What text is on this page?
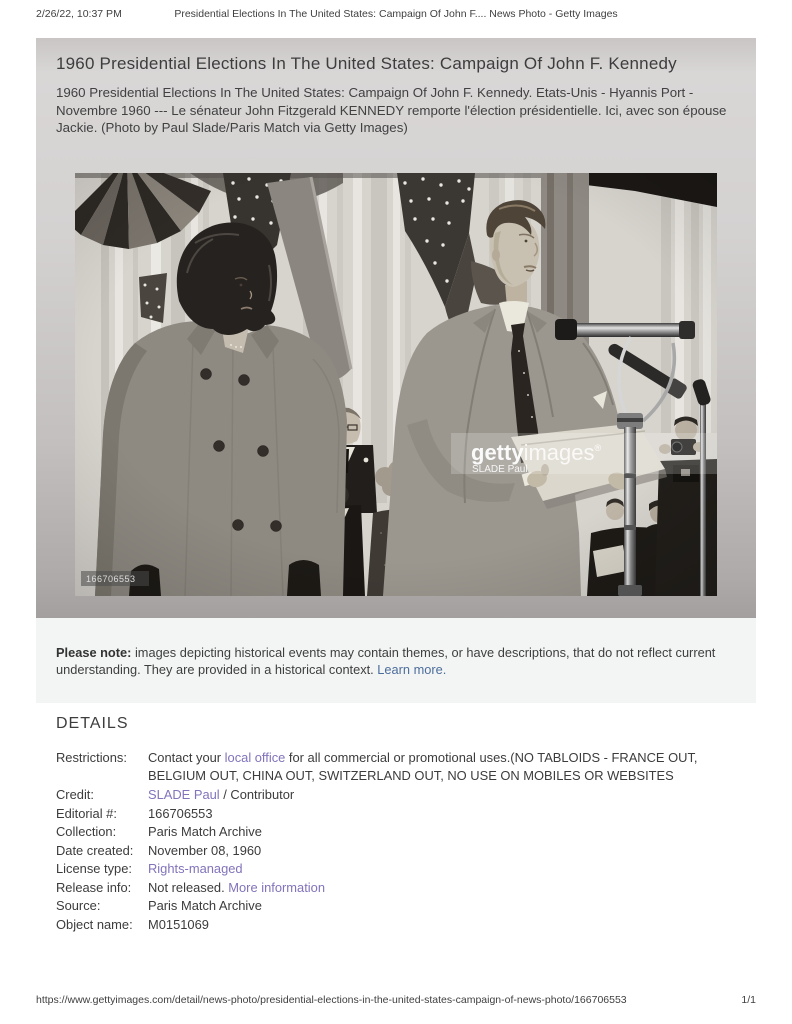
2/26/22, 10:37 PM	Presidential Elections In The United States: Campaign Of John F.... News Photo - Getty Images
1960 Presidential Elections In The United States: Campaign Of John F. Kennedy

1960 Presidential Elections In The United States: Campaign Of John F. Kennedy. Etats-Unis - Hyannis Port - Novembre 1960 --- Le sénateur John Fitzgerald KENNEDY remporte l'élection présidentielle. Ici, avec son épouse Jackie. (Photo by Paul Slade/Paris Match via Getty Images)

gettyimages®
SLADE Paul
166706553

Please note: images depicting historical events may contain themes, or have descriptions, that do not reflect current understanding. They are provided in a historical context. Learn more.

DETAILS
Restrictions:	Contact your local office for all commercial or promotional uses.(NO TABLOIDS - FRANCE OUT, BELGIUM OUT, CHINA OUT, SWITZERLAND OUT, NO USE ON MOBILES OR WEBSITES
Credit:	SLADE Paul / Contributor
Editorial #:	166706553
Collection:	Paris Match Archive
Date created:	November 08, 1960
License type:	Rights-managed
Release info:	Not released. More information
Source:	Paris Match Archive
Object name:	M0151069
https://www.gettyimages.com/detail/news-photo/presidential-elections-in-the-united-states-campaign-of-news-photo/166706553	1/1
